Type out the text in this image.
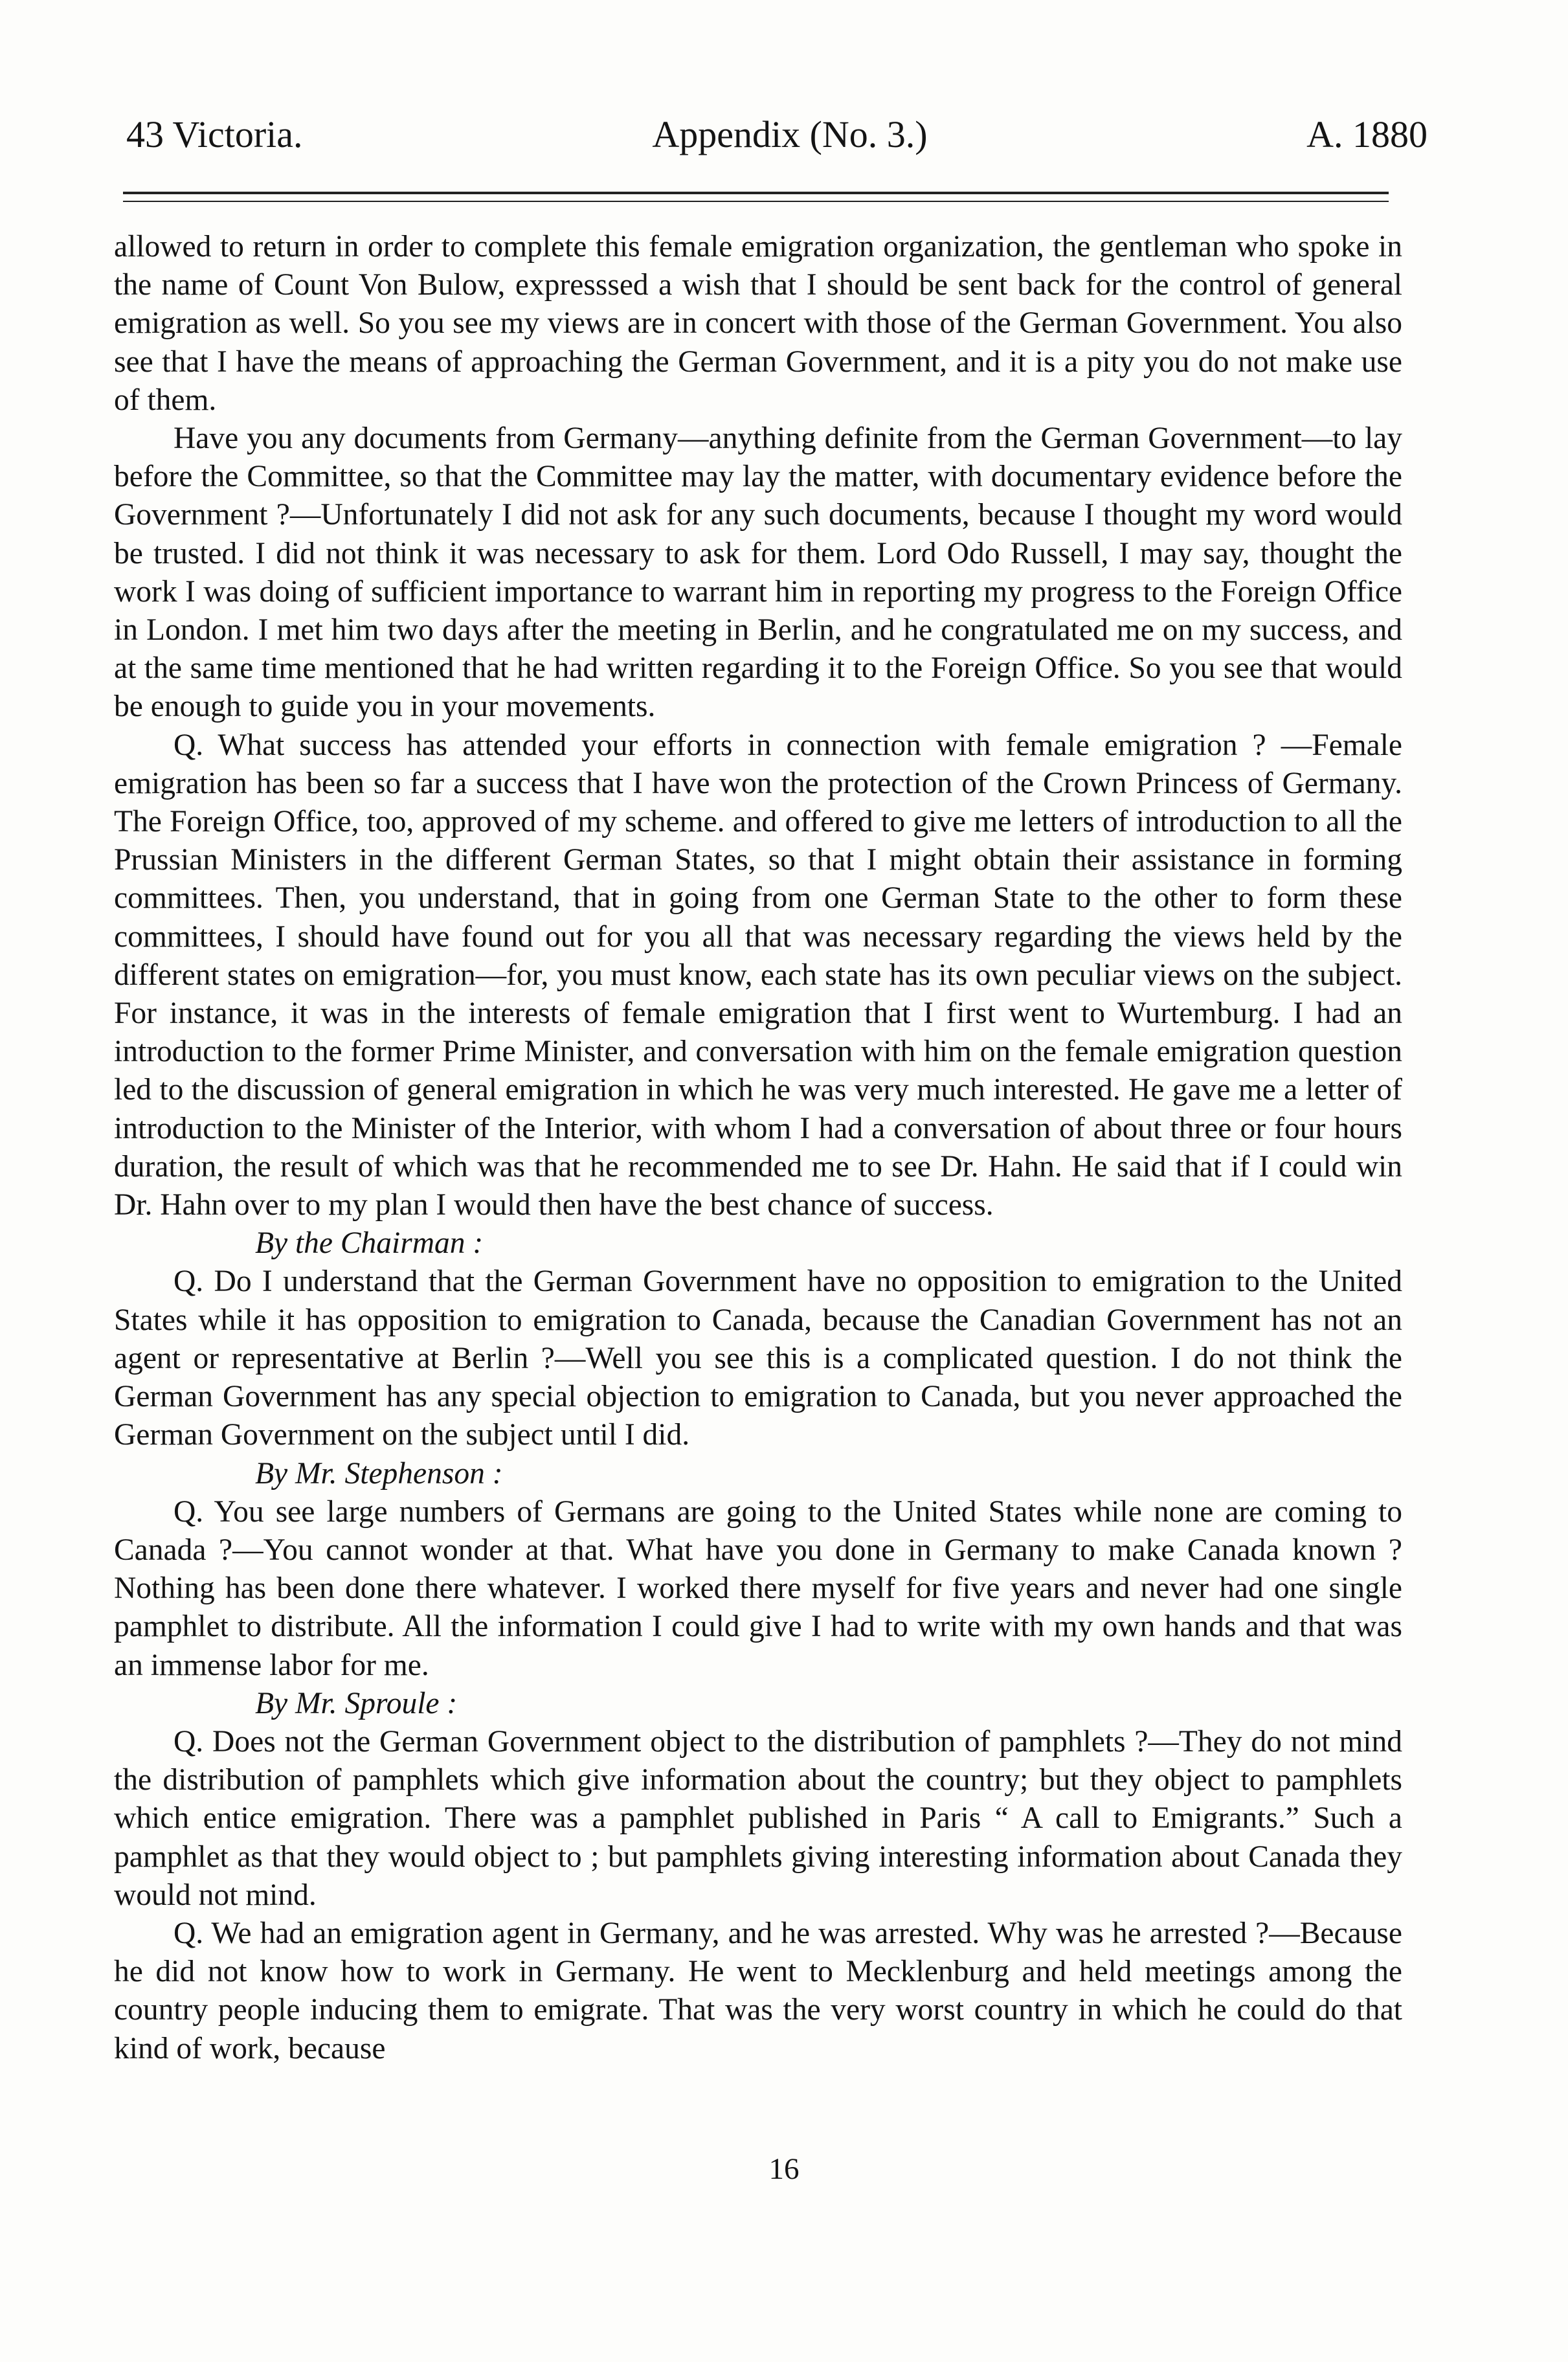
43 Victoria.	Appendix (No. 3.)	A. 1880

allowed to return in order to complete this female emigration organization, the gentleman who spoke in the name of Count Von Bulow, expresssed a wish that I should be sent back for the control of general emigration as well. So you see my views are in concert with those of the German Government. You also see that I have the means of approaching the German Government, and it is a pity you do not make use of them.

Have you any documents from Germany—anything definite from the German Government—to lay before the Committee, so that the Committee may lay the matter, with documentary evidence before the Government ?—Unfortunately I did not ask for any such documents, because I thought my word would be trusted. I did not think it was necessary to ask for them. Lord Odo Russell, I may say, thought the work I was doing of sufficient importance to warrant him in reporting my progress to the Foreign Office in London. I met him two days after the meeting in Berlin, and he congratulated me on my success, and at the same time mentioned that he had written regarding it to the Foreign Office. So you see that would be enough to guide you in your movements.

Q. What success has attended your efforts in connection with female emigration ? —Female emigration has been so far a success that I have won the protection of the Crown Princess of Germany. The Foreign Office, too, approved of my scheme. and offered to give me letters of introduction to all the Prussian Ministers in the different German States, so that I might obtain their assistance in forming committees. Then, you understand, that in going from one German State to the other to form these committees, I should have found out for you all that was necessary regarding the views held by the different states on emigration—for, you must know, each state has its own peculiar views on the subject. For instance, it was in the interests of female emigration that I first went to Wurtemburg. I had an introduction to the former Prime Minister, and conversation with him on the female emigration question led to the discussion of general emigration in which he was very much interested. He gave me a letter of introduction to the Minister of the Interior, with whom I had a conversation of about three or four hours duration, the result of which was that he recommended me to see Dr. Hahn. He said that if I could win Dr. Hahn over to my plan I would then have the best chance of success.

By the Chairman :

Q. Do I understand that the German Government have no opposition to emigration to the United States while it has opposition to emigration to Canada, because the Canadian Government has not an agent or representative at Berlin ?—Well you see this is a complicated question. I do not think the German Government has any special objection to emigration to Canada, but you never approached the German Government on the subject until I did.

By Mr. Stephenson :

Q. You see large numbers of Germans are going to the United States while none are coming to Canada ?—You cannot wonder at that. What have you done in Germany to make Canada known ? Nothing has been done there whatever. I worked there myself for five years and never had one single pamphlet to distribute. All the information I could give I had to write with my own hands and that was an immense labor for me.

By Mr. Sproule :

Q. Does not the German Government object to the distribution of pamphlets ?—They do not mind the distribution of pamphlets which give information about the country; but they object to pamphlets which entice emigration. There was a pamphlet published in Paris “ A call to Emigrants.” Such a pamphlet as that they would object to ; but pamphlets giving interesting information about Canada they would not mind.

Q. We had an emigration agent in Germany, and he was arrested. Why was he arrested ?—Because he did not know how to work in Germany. He went to Mecklenburg and held meetings among the country people inducing them to emigrate. That was the very worst country in which he could do that kind of work, because

16
